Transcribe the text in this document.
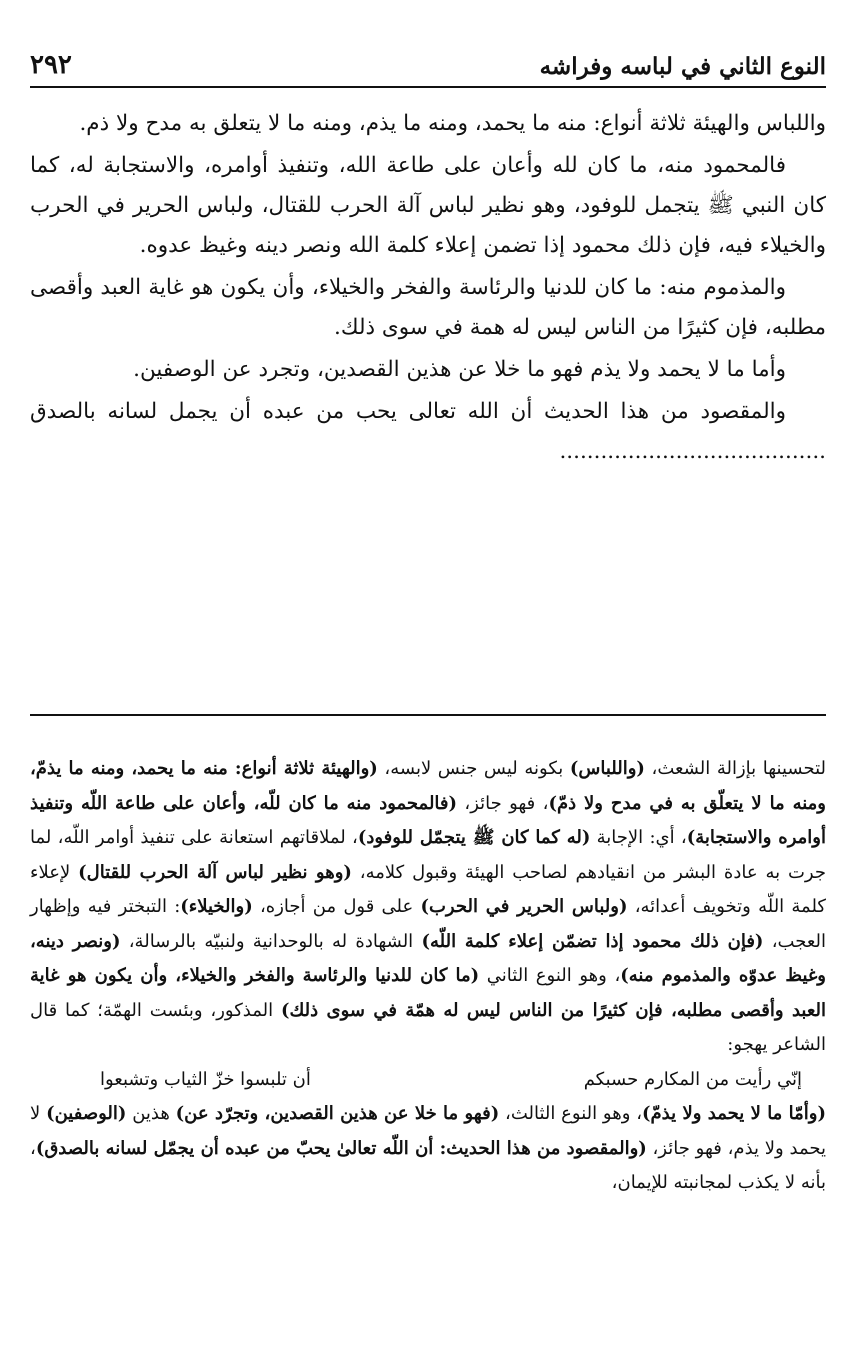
النوع الثاني في لباسه وفراشه
٢٩٢

واللباس والهيئة ثلاثة أنواع: منه ما يحمد، ومنه ما يذم، ومنه ما لا يتعلق به مدح ولا ذم.

فالمحمود منه، ما كان لله وأعان على طاعة الله، وتنفيذ أوامره، والاستجابة له، كما كان النبي ﷺ يتجمل للوفود، وهو نظير لباس آلة الحرب للقتال، ولباس الحرير في الحرب والخيلاء فيه، فإن ذلك محمود إذا تضمن إعلاء كلمة الله ونصر دينه وغيظ عدوه.

والمذموم منه: ما كان للدنيا والرئاسة والفخر والخيلاء، وأن يكون هو غاية العبد وأقصى مطلبه، فإن كثيرًا من الناس ليس له همة في سوى ذلك.

وأما ما لا يحمد ولا يذم فهو ما خلا عن هذين القصدين، وتجرد عن الوصفين.

والمقصود من هذا الحديث أن الله تعالى يحب من عبده أن يجمل لسانه بالصدق .......................................

لتحسينها بإزالة الشعث، (واللباس) بكونه ليس جنس لابسه، (والهيئة ثلاثة أنواع: منه ما يحمد، ومنه ما يذمّ، ومنه ما لا يتعلّق به في مدح ولا ذمّ)، فهو جائز، (فالمحمود منه ما كان للّه، وأعان على طاعة اللّه وتنفيذ أوامره والاستجابة)، أي: الإجابة (له كما كان ﷺ يتجمّل للوفود)، لملاقاتهم استعانة على تنفيذ أوامر اللّه، لما جرت به عادة البشر من انقيادهم لصاحب الهيئة وقبول كلامه، (وهو نظير لباس آلة الحرب للقتال) لإعلاء كلمة اللّه وتخويف أعدائه، (ولباس الحرير في الحرب) على قول من أجازه، (والخيلاء): التبختر فيه وإظهار العجب، (فإن ذلك محمود إذا تضمّن إعلاء كلمة اللّه) الشهادة له بالوحدانية ولنبيّه بالرسالة، (ونصر دينه، وغيظ عدوّه والمذموم منه)، وهو النوع الثاني (ما كان للدنيا والرئاسة والفخر والخيلاء، وأن يكون هو غاية العبد وأقصى مطلبه، فإن كثيرًا من الناس ليس له همّة في سوى ذلك) المذكور، وبئست الهمّة؛ كما قال الشاعر يهجو:

إنّي رأيت من المكارم حسبكم
أن تلبسوا خزّ الثياب وتشبعوا

(وأمّا ما لا يحمد ولا يذمّ)، وهو النوع الثالث، (فهو ما خلا عن هذين القصدين، وتجرّد عن) هذين (الوصفين) لا يحمد ولا يذم، فهو جائز، (والمقصود من هذا الحديث: أن اللّه تعالىٰ يحبّ من عبده أن يجمّل لسانه بالصدق)، بأنه لا يكذب لمجانبته للإيمان،
